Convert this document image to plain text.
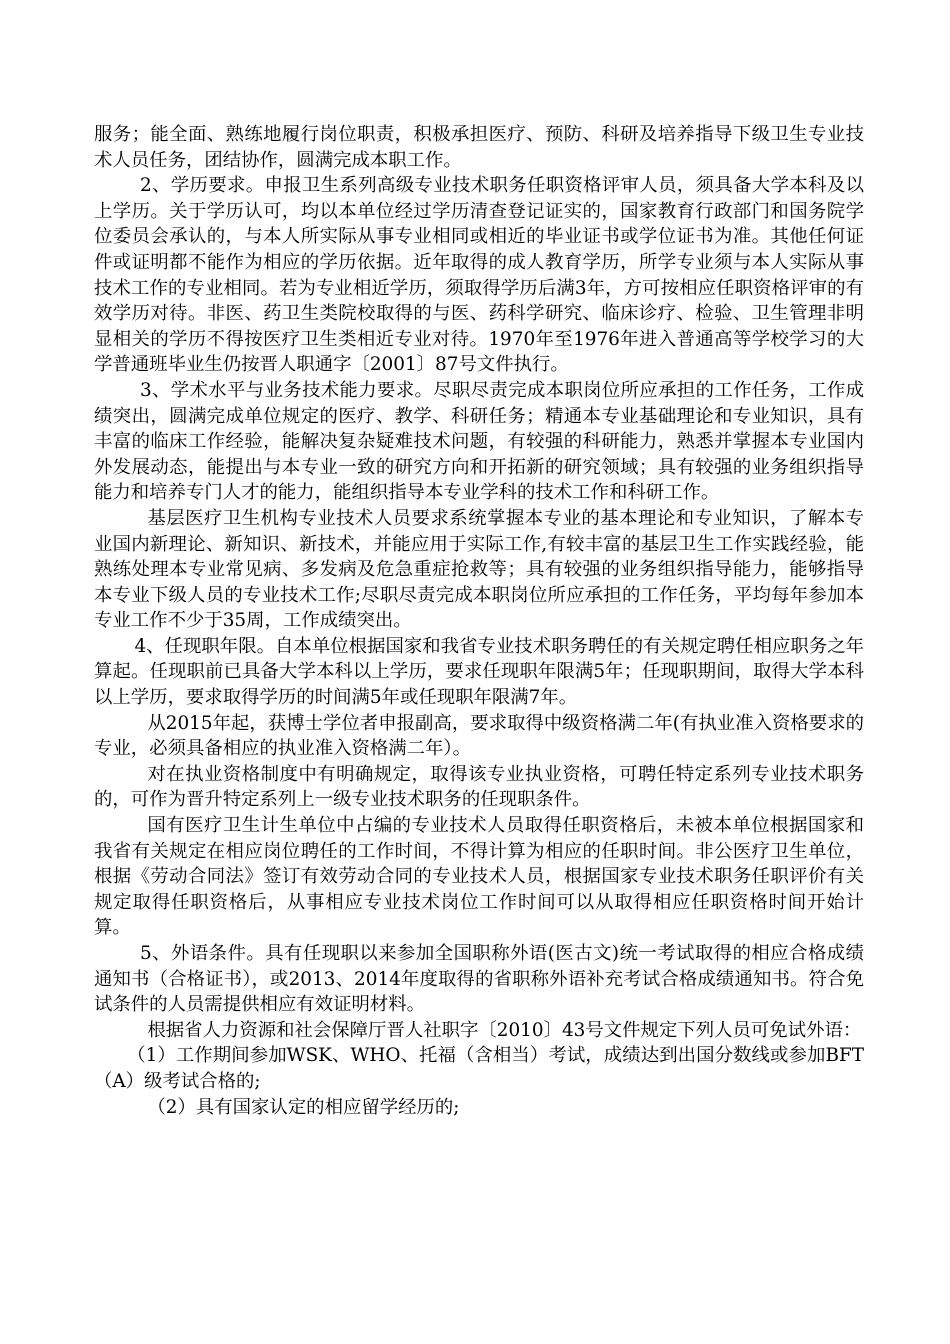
服务；能全面、熟练地履行岗位职责，积极承担医疗、预防、科研及培养指导下级卫生专业技术人员任务，团结协作，圆满完成本职工作。

2、学历要求。申报卫生系列高级专业技术职务任职资格评审人员，须具备大学本科及以上学历。关于学历认可，均以本单位经过学历清查登记证实的，国家教育行政部门和国务院学位委员会承认的，与本人所实际从事专业相同或相近的毕业证书或学位证书为准。其他任何证件或证明都不能作为相应的学历依据。近年取得的成人教育学历，所学专业须与本人实际从事技术工作的专业相同。若为专业相近学历，须取得学历后满3年，方可按相应任职资格评审的有效学历对待。非医、药卫生类院校取得的与医、药科学研究、临床诊疗、检验、卫生管理非明显相关的学历不得按医疗卫生类相近专业对待。1970年至1976年进入普通高等学校学习的大学普通班毕业生仍按晋人职通字〔2001〕87号文件执行。

3、学术水平与业务技术能力要求。尽职尽责完成本职岗位所应承担的工作任务，工作成绩突出，圆满完成单位规定的医疗、教学、科研任务；精通本专业基础理论和专业知识，具有丰富的临床工作经验，能解决复杂疑难技术问题，有较强的科研能力，熟悉并掌握本专业国内外发展动态，能提出与本专业一致的研究方向和开拓新的研究领域；具有较强的业务组织指导能力和培养专门人才的能力，能组织指导本专业学科的技术工作和科研工作。

基层医疗卫生机构专业技术人员要求系统掌握本专业的基本理论和专业知识，了解本专业国内新理论、新知识、新技术，并能应用于实际工作,有较丰富的基层卫生工作实践经验，能熟练处理本专业常见病、多发病及危急重症抢救等；具有较强的业务组织指导能力，能够指导本专业下级人员的专业技术工作;尽职尽责完成本职岗位所应承担的工作任务，平均每年参加本专业工作不少于35周，工作成绩突出。

4、任现职年限。自本单位根据国家和我省专业技术职务聘任的有关规定聘任相应职务之年算起。任现职前已具备大学本科以上学历，要求任现职年限满5年；任现职期间，取得大学本科以上学历，要求取得学历的时间满5年或任现职年限满7年。

从2015年起，获博士学位者申报副高，要求取得中级资格满二年(有执业准入资格要求的专业，必须具备相应的执业准入资格满二年）。

对在执业资格制度中有明确规定，取得该专业执业资格，可聘任特定系列专业技术职务的，可作为晋升特定系列上一级专业技术职务的任现职条件。

国有医疗卫生计生单位中占编的专业技术人员取得任职资格后，未被本单位根据国家和我省有关规定在相应岗位聘任的工作时间，不得计算为相应的任职时间。非公医疗卫生单位，根据《劳动合同法》签订有效劳动合同的专业技术人员，根据国家专业技术职务任职评价有关规定取得任职资格后，从事相应专业技术岗位工作时间可以从取得相应任职资格时间开始计算。

5、外语条件。具有任现职以来参加全国职称外语(医古文)统一考试取得的相应合格成绩通知书（合格证书），或2013、2014年度取得的省职称外语补充考试合格成绩通知书。符合免试条件的人员需提供相应有效证明材料。

根据省人力资源和社会保障厅晋人社职字〔2010〕43号文件规定下列人员可免试外语：

（1）工作期间参加WSK、WHO、托福（含相当）考试，成绩达到出国分数线或参加BFT（A）级考试合格的;

（2）具有国家认定的相应留学经历的;
